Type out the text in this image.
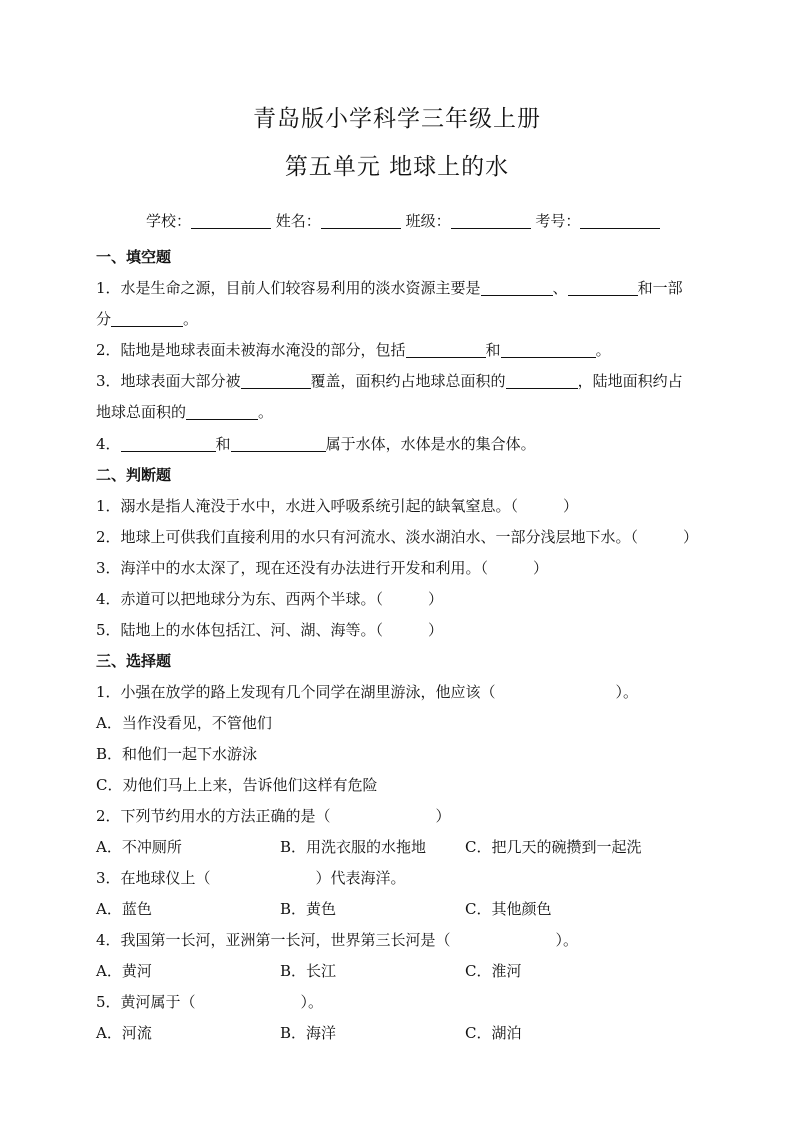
青岛版小学科学三年级上册
第五单元 地球上的水
学校：	姓名：	班级：	考号：
一、填空题
1．水是生命之源，目前人们较容易利用的淡水资源主要是	、	和一部
分	。
2．陆地是地球表面未被海水淹没的部分，包括	和	。
3．地球表面大部分被	覆盖，面积约占地球总面积的	，陆地面积约占
地球总面积的	。
4．	和	属于水体，水体是水的集合体。
二、判断题
1．溺水是指人淹没于水中，水进入呼吸系统引起的缺氧窒息。（　　　）
2．地球上可供我们直接利用的水只有河流水、淡水湖泊水、一部分浅层地下水。（　　　）
3．海洋中的水太深了，现在还没有办法进行开发和利用。（　　　）
4．赤道可以把地球分为东、西两个半球。（　　　）
5．陆地上的水体包括江、河、湖、海等。（　　　）
三、选择题
1．小强在放学的路上发现有几个同学在湖里游泳，他应该（　　　　　　　　）。
A．当作没看见，不管他们
B．和他们一起下水游泳
C．劝他们马上上来，告诉他们这样有危险
2．下列节约用水的方法正确的是（　　　　　　　）
A．不冲厕所	B．用洗衣服的水拖地	C．把几天的碗攒到一起洗
3．在地球仪上（　　　　　　　）代表海洋。
A．蓝色	B．黄色	C．其他颜色
4．我国第一长河，亚洲第一长河，世界第三长河是（　　　　　　　）。
A．黄河	B．长江	C．淮河
5．黄河属于（　　　　　　　）。
A．河流	B．海洋	C．湖泊
